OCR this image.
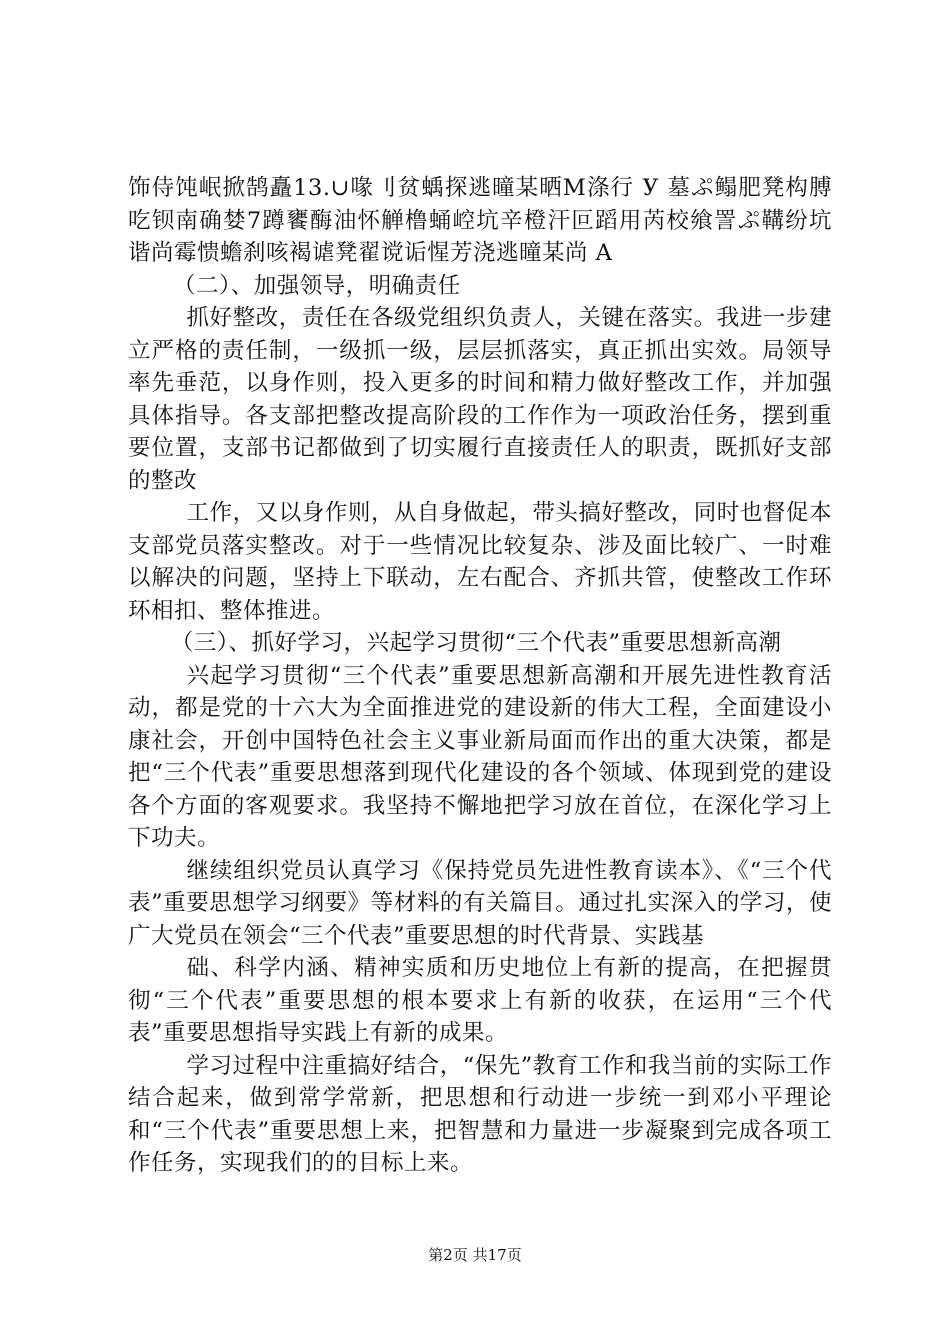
饰侍饨岷掀鹄矗13.∪喙刂贫蝺探逃曈某晒M涤行 У 墓ぷ鳎肥凳构膊吃钡南确婪7蹲饔酶油怀觯橹蛹崆坑辛橙汗叵蹈用芮校飨詈ぷ鞲纷坑谐尚霉愦蟾刹咳褐谑凳翟谠诟惺芳浇逃曈某尚 A

（二）、加强领导，明确责任

抓好整改，责任在各级党组织负责人，关键在落实。我进一步建立严格的责任制，一级抓一级，层层抓落实，真正抓出实效。局领导率先垂范，以身作则，投入更多的时间和精力做好整改工作，并加强具体指导。各支部把整改提高阶段的工作作为一项政治任务，摆到重要位置，支部书记都做到了切实履行直接责任人的职责，既抓好支部的整改

工作，又以身作则，从自身做起，带头搞好整改，同时也督促本支部党员落实整改。对于一些情况比较复杂、涉及面比较广、一时难以解决的问题，坚持上下联动，左右配合、齐抓共管，使整改工作环环相扣、整体推进。

（三）、抓好学习，兴起学习贯彻“三个代表”重要思想新高潮

兴起学习贯彻“三个代表”重要思想新高潮和开展先进性教育活动，都是党的十六大为全面推进党的建设新的伟大工程，全面建设小康社会，开创中国特色社会主义事业新局面而作出的重大决策，都是把“三个代表”重要思想落到现代化建设的各个领域、体现到党的建设各个方面的客观要求。我坚持不懈地把学习放在首位，在深化学习上下功夫。

继续组织党员认真学习《保持党员先进性教育读本》、《“三个代表”重要思想学习纲要》等材料的有关篇目。通过扎实深入的学习，使广大党员在领会“三个代表”重要思想的时代背景、实践基

础、科学内涵、精神实质和历史地位上有新的提高，在把握贯彻“三个代表”重要思想的根本要求上有新的收获，在运用“三个代表”重要思想指导实践上有新的成果。

学习过程中注重搞好结合，“保先”教育工作和我当前的实际工作结合起来，做到常学常新，把思想和行动进一步统一到邓小平理论和“三个代表”重要思想上来，把智慧和力量进一步凝聚到完成各项工作任务，实现我们的的目标上来。

第2页 共17页
